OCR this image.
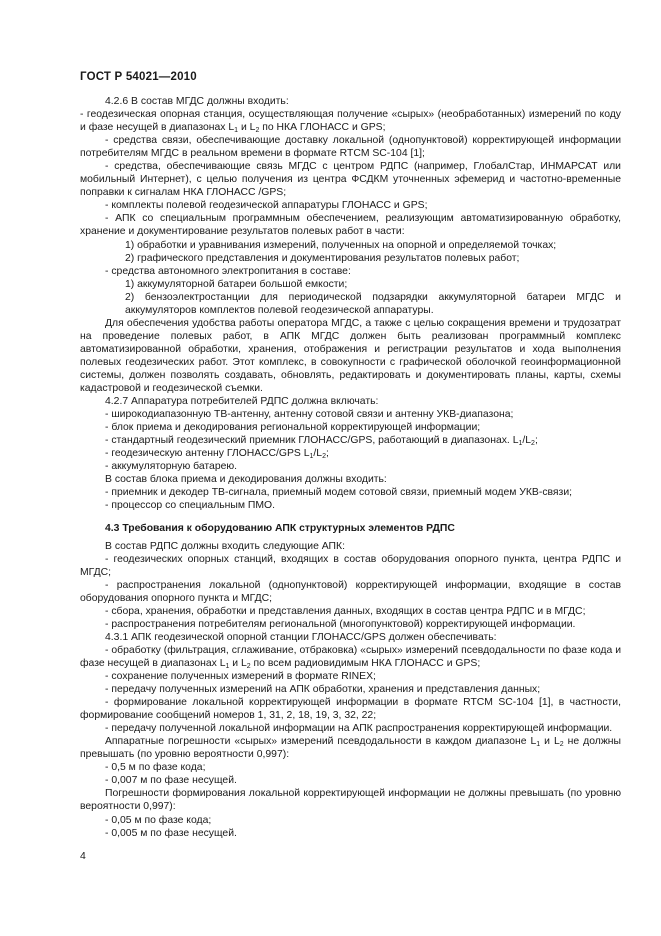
ГОСТ Р 54021—2010

4.2.6 В состав МГДС должны входить:

- геодезическая опорная станция, осуществляющая получение «сырых» (необработанных) измерений по коду и фазе несущей в диапазонах $L_1$ и $L_2$ по НКА ГЛОНАСС и GPS;

- средства связи, обеспечивающие доставку локальной (однопунктовой) корректирующей информации потребителям МГДС в реальном времени в формате RTCM SC-104 [1];

- средства, обеспечивающие связь МГДС с центром РДПС (например, ГлобалСтар, ИНМАРСАТ или мобильный Интернет), с целью получения из центра ФСДКМ уточненных эфемерид и частотно-временные поправки к сигналам НКА ГЛОНАСС /GPS;

- комплекты полевой геодезической аппаратуры ГЛОНАСС и GPS;

- АПК со специальным программным обеспечением, реализующим автоматизированную обработку, хранение и документирование результатов полевых работ в части:

1) обработки и уравнивания измерений, полученных на опорной и определяемой точках;

2) графического представления и документирования результатов полевых работ;

- средства автономного электропитания в составе:

1) аккумуляторной батареи большой емкости;

2) бензоэлектростанции для периодической подзарядки аккумуляторной батареи МГДС и аккумуляторов комплектов полевой геодезической аппаратуры.

Для обеспечения удобства работы оператора МГДС, а также с целью сокращения времени и трудозатрат на проведение полевых работ, в АПК МГДС должен быть реализован программный комплекс автоматизированной обработки, хранения, отображения и регистрации результатов и хода выполнения полевых геодезических работ. Этот комплекс, в совокупности с графической оболочкой геоинформационной системы, должен позволять создавать, обновлять, редактировать и документировать планы, карты, схемы кадастровой и геодезической съемки.

4.2.7 Аппаратура потребителей РДПС должна включать:

- широкодиапазонную ТВ-антенну, антенну сотовой связи и антенну УКВ-диапазона;

- блок приема и декодирования региональной корректирующей информации;

- стандартный геодезический приемник ГЛОНАСС/GPS, работающий в диапазонах. $L_1/L_2$;

- геодезическую антенну ГЛОНАСС/GPS $L_1/L_2$;

- аккумуляторную батарею.

В состав блока приема и декодирования должны входить:

- приемник и декодер ТВ-сигнала, приемный модем сотовой связи, приемный модем УКВ-связи;

- процессор со специальным ПМО.

4.3 Требования к оборудованию АПК структурных элементов РДПС

В состав РДПС должны входить следующие АПК:

- геодезических опорных станций, входящих в состав оборудования опорного пункта, центра РДПС и МГДС;

- распространения локальной (однопунктовой) корректирующей информации, входящие в состав оборудования опорного пункта и МГДС;

- сбора, хранения, обработки и представления данных, входящих в состав центра РДПС и в МГДС;

- распространения потребителям региональной (многопунктовой) корректирующей информации.

4.3.1 АПК геодезической опорной станции ГЛОНАСС/GPS должен обеспечивать:

- обработку (фильтрация, сглаживание, отбраковка) «сырых» измерений псевдодальности по фазе кода и фазе несущей в диапазонах $L_1$ и $L_2$ по всем радиовидимым НКА ГЛОНАСС и GPS;

- сохранение полученных измерений в формате RINEX;

- передачу полученных измерений на АПК обработки, хранения и представления данных;

- формирование локальной корректирующей информации в формате RTCM SC-104 [1], в частности, формирование сообщений номеров 1, 31, 2, 18, 19, 3, 32, 22;

- передачу полученной локальной информации на АПК распространения корректирующей информации.

Аппаратные погрешности «сырых» измерений псевдодальности в каждом диапазоне $L_1$ и $L_2$ не должны превышать (по уровню вероятности 0,997):

- 0,5 м по фазе кода;

- 0,007 м по фазе несущей.

Погрешности формирования локальной корректирующей информации не должны превышать (по уровню вероятности 0,997):

- 0,05 м по фазе кода;

- 0,005 м по фазе несущей.

4
